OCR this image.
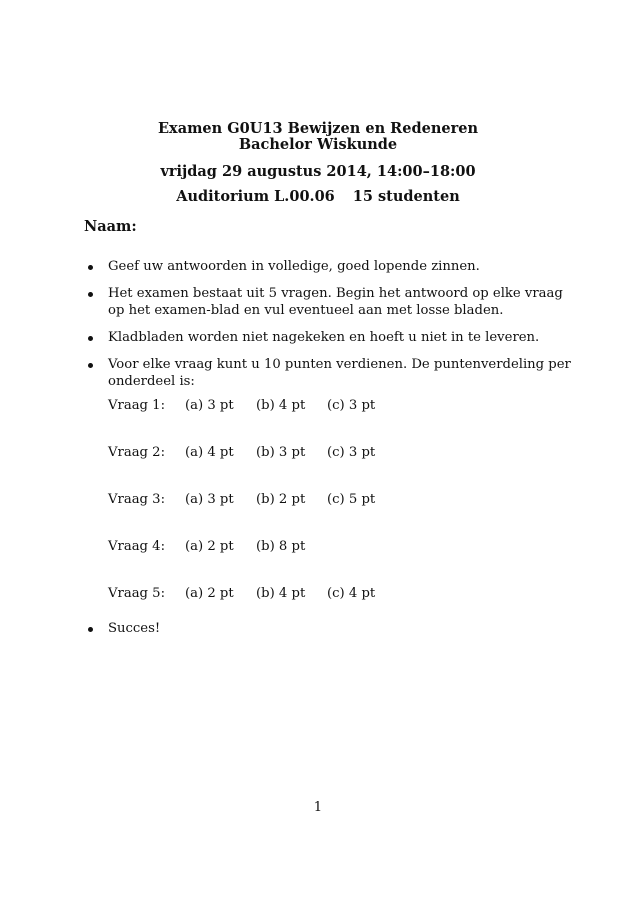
Examen G0U13 Bewijzen en Redeneren
Bachelor Wiskunde
vrijdag 29 augustus 2014, 14:00–18:00
Auditorium L.00.06 15 studenten
Naam:
Geef uw antwoorden in volledige, goed lopende zinnen.
Het examen bestaat uit 5 vragen. Begin het antwoord op elke vraag op het examen-blad en vul eventueel aan met losse bladen.
Kladbladen worden niet nagekeken en hoeft u niet in te leveren.
Voor elke vraag kunt u 10 punten verdienen. De puntenverdeling per onderdeel is:
Vraag 1: (a) 3 pt (b) 4 pt (c) 3 pt
Vraag 2: (a) 4 pt (b) 3 pt (c) 3 pt
Vraag 3: (a) 3 pt (b) 2 pt (c) 5 pt
Vraag 4: (a) 2 pt (b) 8 pt
Vraag 5: (a) 2 pt (b) 4 pt (c) 4 pt
Succes!
1
